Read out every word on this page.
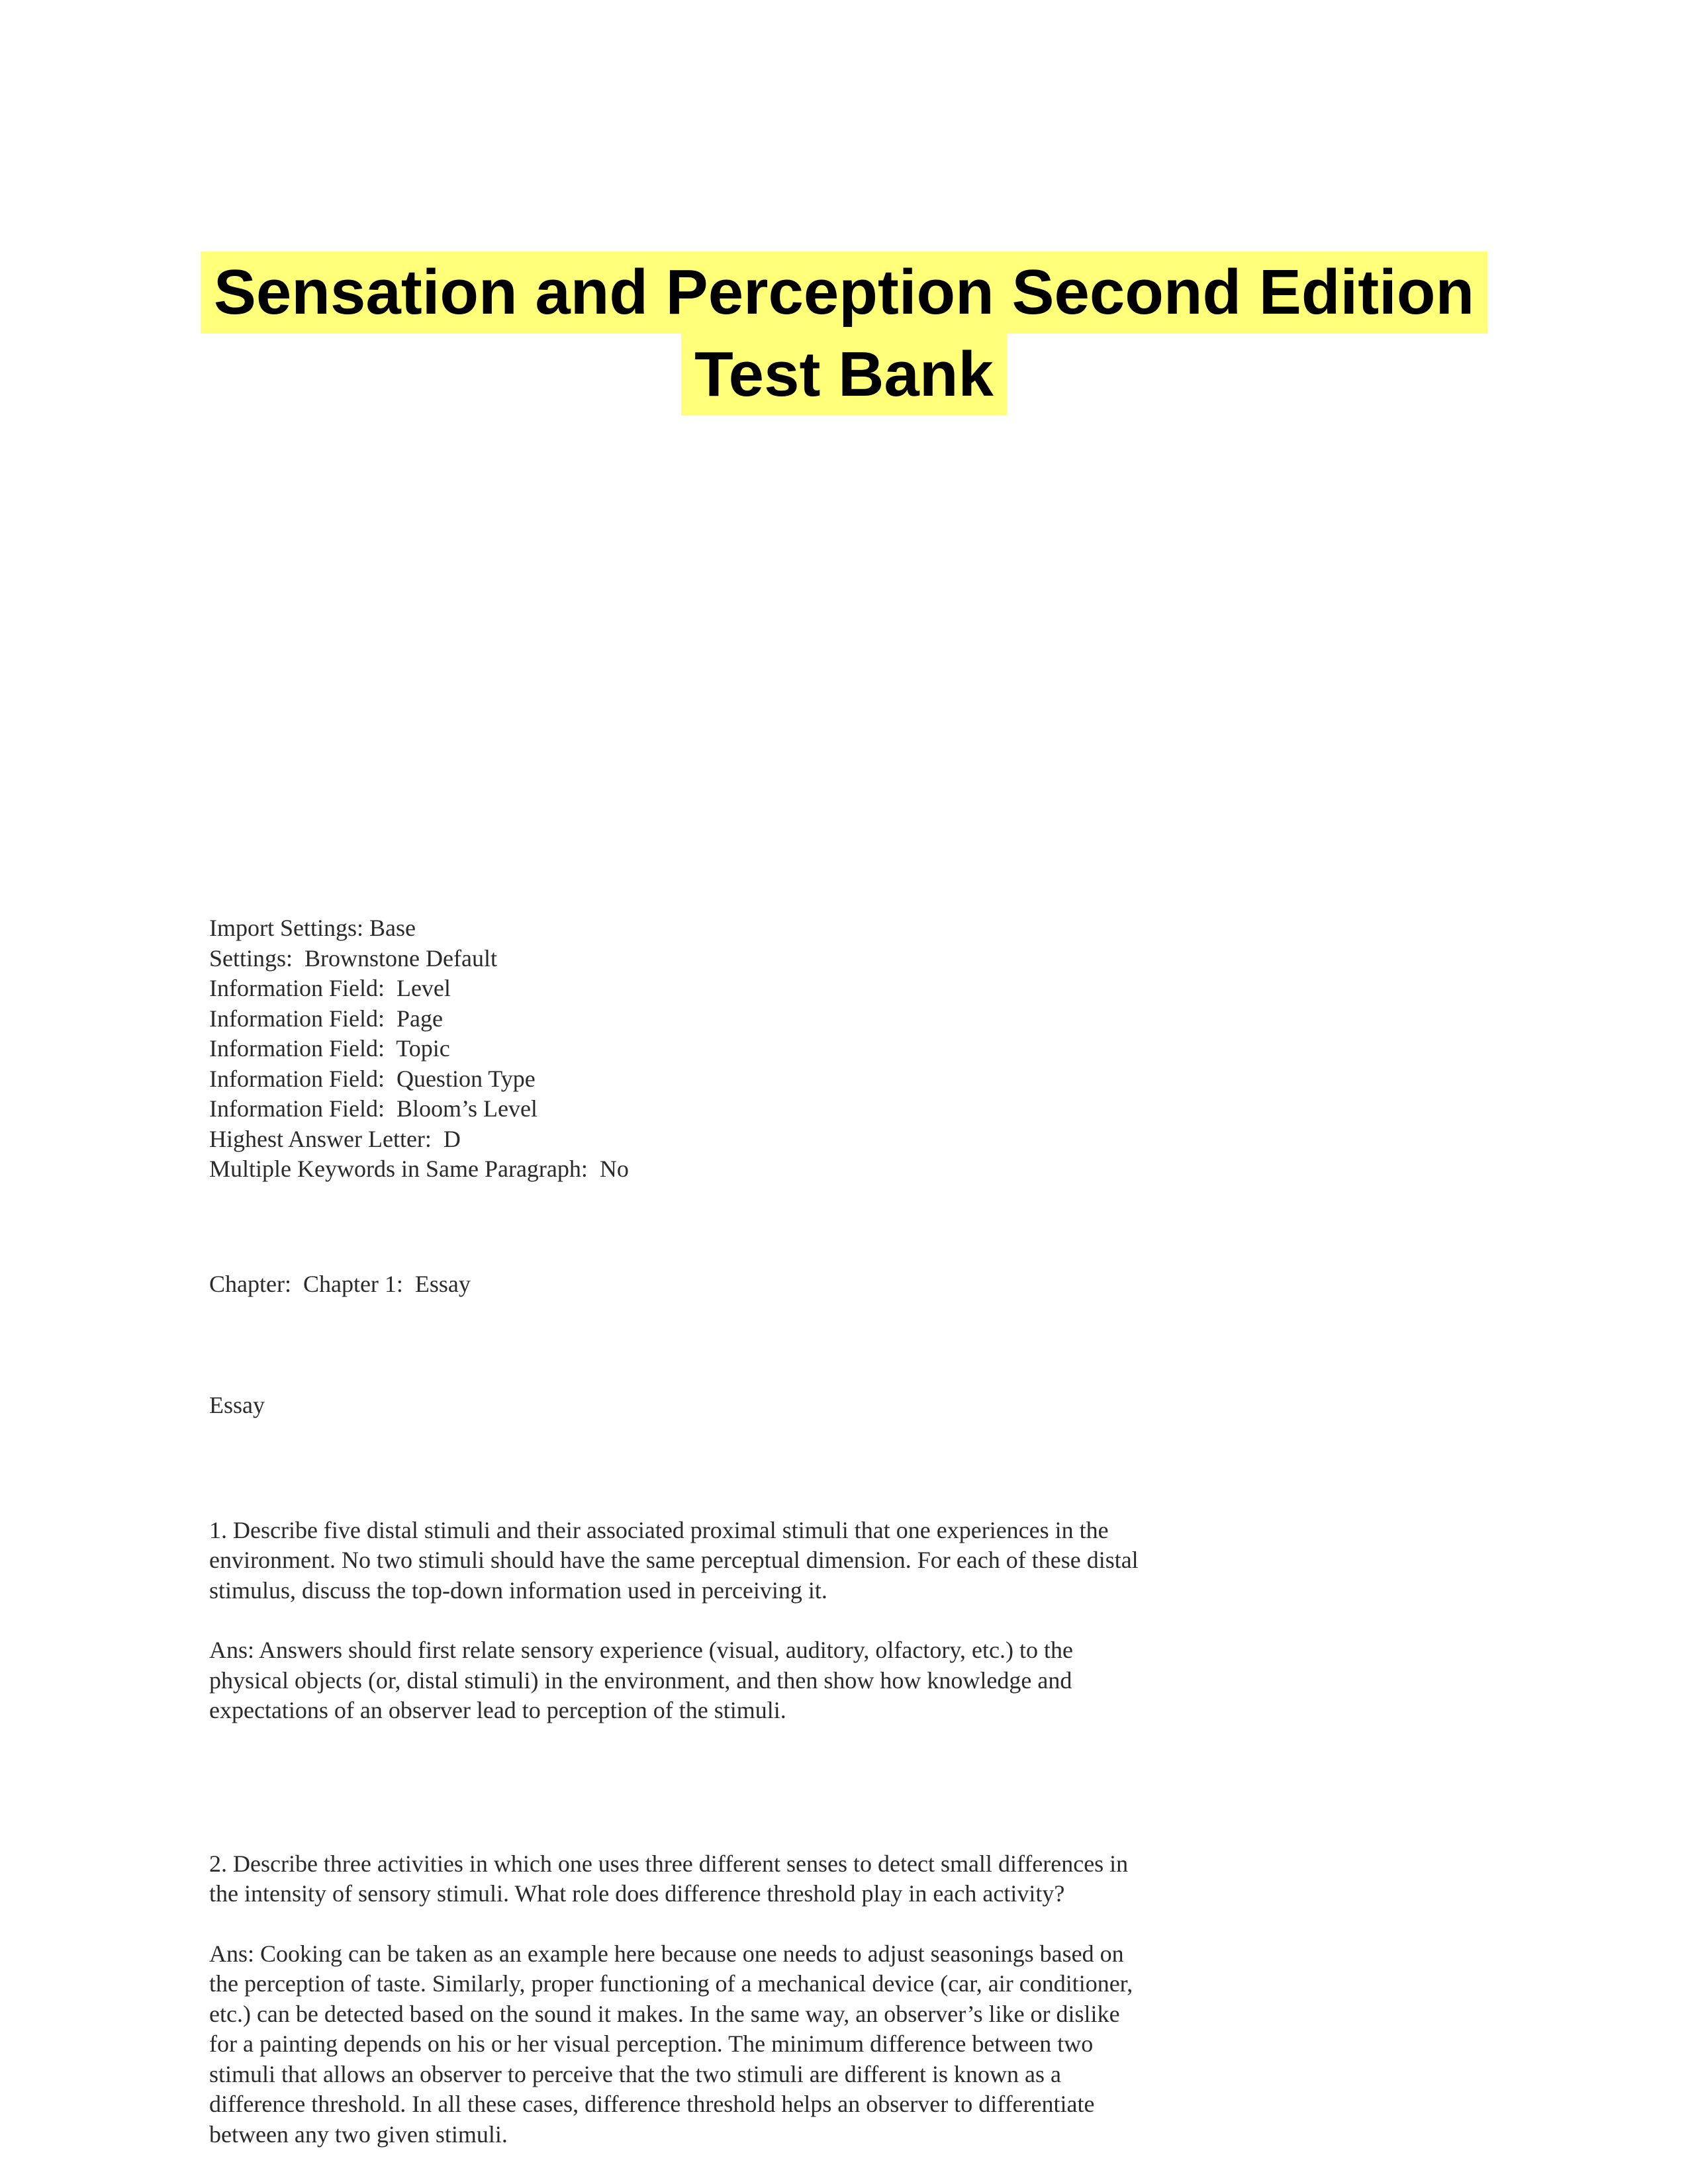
Sensation and Perception Second Edition
Test Bank
Import Settings: Base
Settings:  Brownstone Default
Information Field:  Level
Information Field:  Page
Information Field:  Topic
Information Field:  Question Type
Information Field:  Bloom’s Level
Highest Answer Letter:  D
Multiple Keywords in Same Paragraph:  No
Chapter:  Chapter 1:  Essay
Essay

1. Describe five distal stimuli and their associated proximal stimuli that one experiences in the
environment. No two stimuli should have the same perceptual dimension. For each of these distal
stimulus, discuss the top-down information used in perceiving it.

Ans: Answers should first relate sensory experience (visual, auditory, olfactory, etc.) to the
physical objects (or, distal stimuli) in the environment, and then show how knowledge and
expectations of an observer lead to perception of the stimuli.

2. Describe three activities in which one uses three different senses to detect small differences in
the intensity of sensory stimuli. What role does difference threshold play in each activity?

Ans: Cooking can be taken as an example here because one needs to adjust seasonings based on
the perception of taste. Similarly, proper functioning of a mechanical device (car, air conditioner,
etc.) can be detected based on the sound it makes. In the same way, an observer’s like or dislike
for a painting depends on his or her visual perception. The minimum difference between two
stimuli that allows an observer to perceive that the two stimuli are different is known as a
difference threshold. In all these cases, difference threshold helps an observer to differentiate
between any two given stimuli.
